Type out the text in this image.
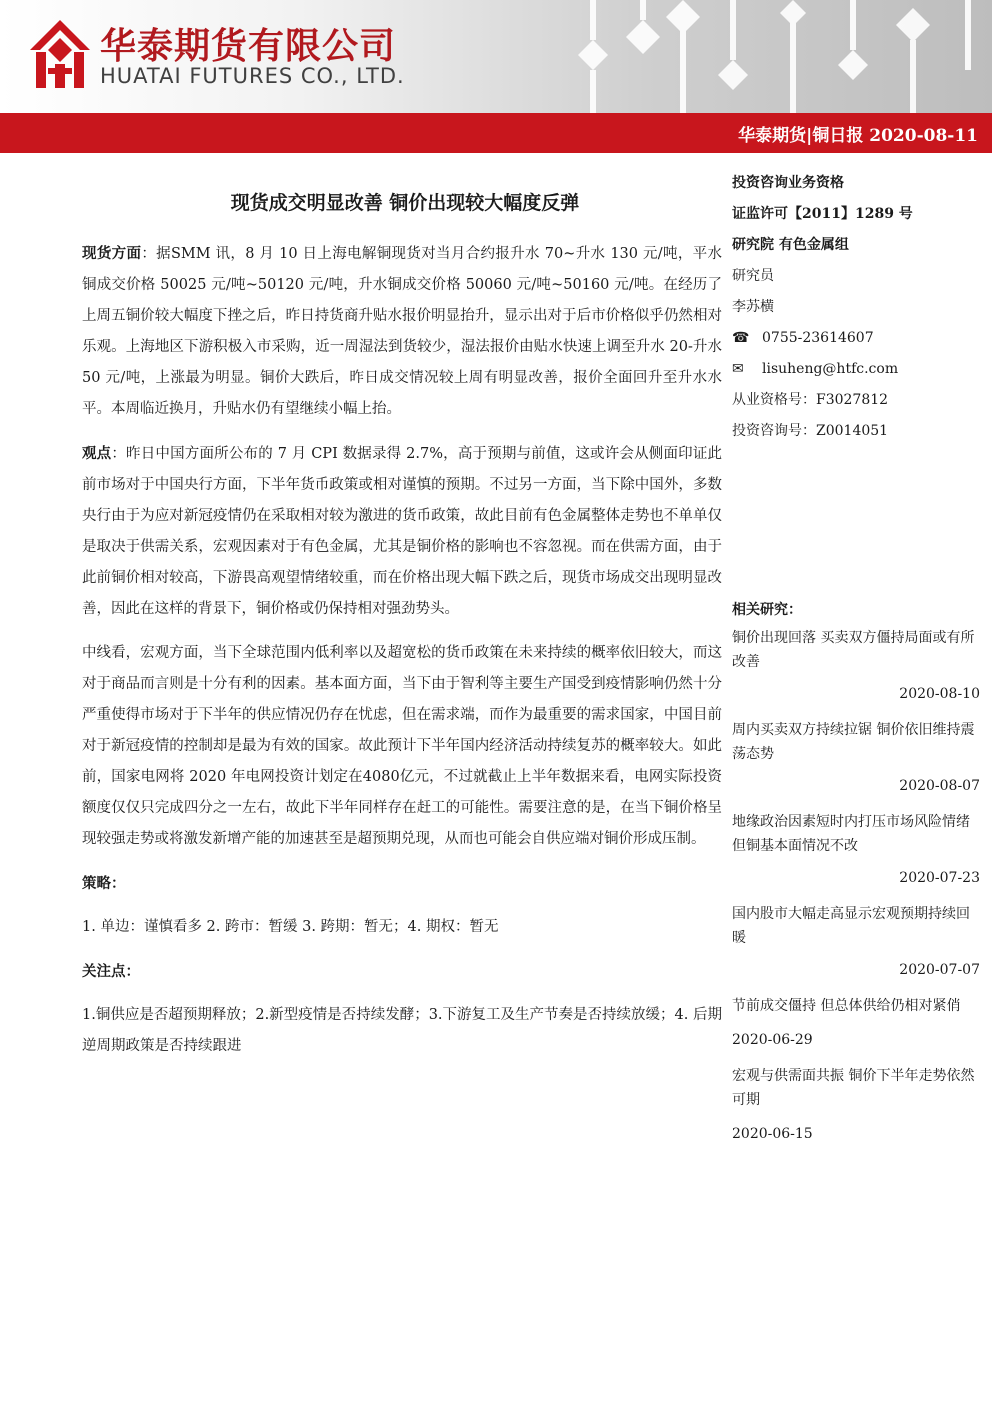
华泰期货有限公司
HUATAI FUTURES CO., LTD.
华泰期货|铜日报 2020-08-11
现货成交明显改善 铜价出现较大幅度反弹

现货方面：据SMM 讯，8 月 10 日上海电解铜现货对当月合约报升水 70~升水 130 元/吨，平水铜成交价格 50025 元/吨~50120 元/吨，升水铜成交价格 50060 元/吨~50160 元/吨。在经历了上周五铜价较大幅度下挫之后，昨日持货商升贴水报价明显抬升，显示出对于后市价格似乎仍然相对乐观。上海地区下游积极入市采购，近一周湿法到货较少，湿法报价由贴水快速上调至升水 20-升水 50 元/吨，上涨最为明显。铜价大跌后，昨日成交情况较上周有明显改善，报价全面回升至升水水平。本周临近换月，升贴水仍有望继续小幅上抬。

观点：昨日中国方面所公布的 7 月 CPI 数据录得 2.7%，高于预期与前值，这或许会从侧面印证此前市场对于中国央行方面，下半年货币政策或相对谨慎的预期。不过另一方面，当下除中国外，多数央行由于为应对新冠疫情仍在采取相对较为激进的货币政策，故此目前有色金属整体走势也不单单仅是取决于供需关系，宏观因素对于有色金属，尤其是铜价格的影响也不容忽视。而在供需方面，由于此前铜价相对较高，下游畏高观望情绪较重，而在价格出现大幅下跌之后，现货市场成交出现明显改善，因此在这样的背景下，铜价格或仍保持相对强劲势头。

中线看，宏观方面，当下全球范围内低利率以及超宽松的货币政策在未来持续的概率依旧较大，而这对于商品而言则是十分有利的因素。基本面方面，当下由于智利等主要生产国受到疫情影响仍然十分严重使得市场对于下半年的供应情况仍存在忧虑，但在需求端，而作为最重要的需求国家，中国目前对于新冠疫情的控制却是最为有效的国家。故此预计下半年国内经济活动持续复苏的概率较大。如此前，国家电网将 2020 年电网投资计划定在4080亿元，不过就截止上半年数据来看，电网实际投资额度仅仅只完成四分之一左右，故此下半年同样存在赶工的可能性。需要注意的是，在当下铜价格呈现较强走势或将激发新增产能的加速甚至是超预期兑现，从而也可能会自供应端对铜价形成压制。

策略：

1. 单边：谨慎看多 2. 跨市：暂缓 3. 跨期：暂无；4. 期权：暂无

关注点：

1.铜供应是否超预期释放；2.新型疫情是否持续发酵；3.下游复工及生产节奏是否持续放缓；4. 后期逆周期政策是否持续跟进

投资咨询业务资格
证监许可【2011】1289 号
研究院 有色金属组
研究员
李苏横
☎ 0755-23614607
✉ lisuheng@htfc.com
从业资格号：F3027812
投资咨询号：Z0014051
相关研究：
铜价出现回落 买卖双方僵持局面或有所改善
2020-08-10
周内买卖双方持续拉锯 铜价依旧维持震荡态势
2020-08-07
地缘政治因素短时内打压市场风险情绪 但铜基本面情况不改
2020-07-23
国内股市大幅走高显示宏观预期持续回暖
2020-07-07
节前成交僵持 但总体供给仍相对紧俏
2020-06-29
宏观与供需面共振 铜价下半年走势依然可期
2020-06-15
